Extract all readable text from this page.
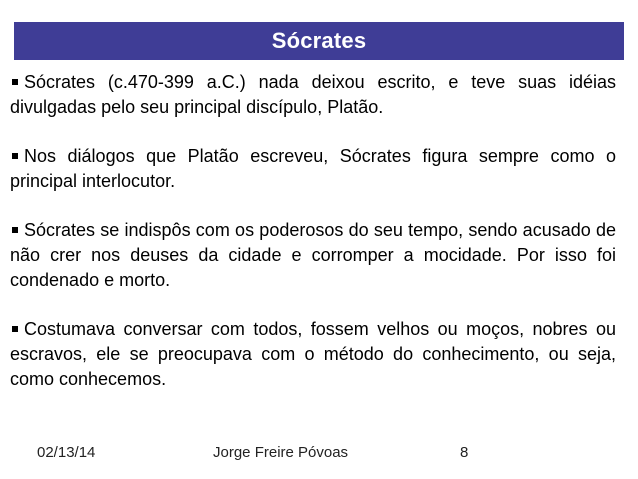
Sócrates

Sócrates (c.470-399 a.C.) nada deixou escrito, e teve suas idéias divulgadas pelo seu principal discípulo, Platão.

Nos diálogos que Platão escreveu, Sócrates figura sempre como o principal interlocutor.

Sócrates se indispôs com os poderosos do seu tempo, sendo acusado de não crer nos deuses da cidade e corromper a mocidade. Por isso foi condenado e morto.

Costumava conversar com todos, fossem velhos ou moços, nobres ou escravos, ele se preocupava com o método do conhecimento, ou seja, como conhecemos.

02/13/14	Jorge Freire Póvoas	8
